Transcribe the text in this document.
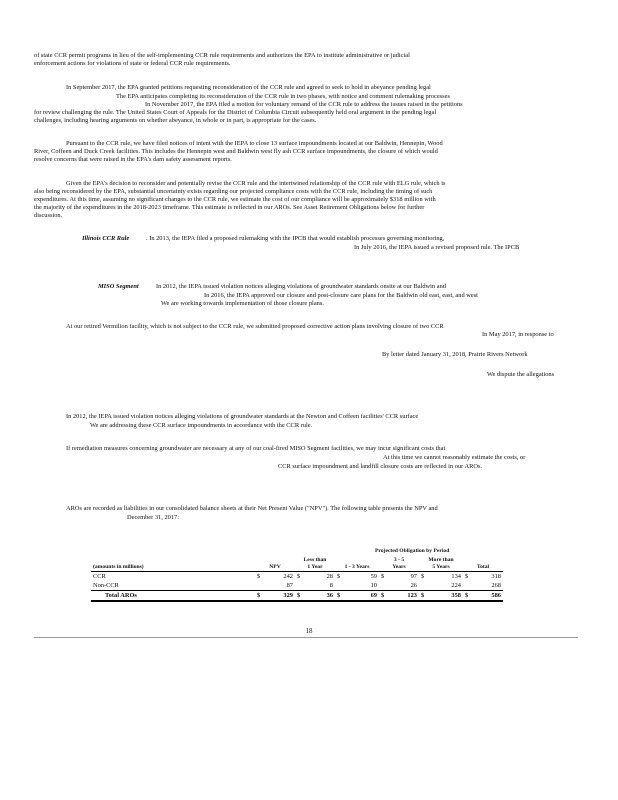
of state CCR permit programs in lieu of the self-implementing CCR rule requirements and authorizes the EPA to institute administrative or judicial
enforcement actions for violations of state or federal CCR rule requirements.
In September 2017, the EPA granted petitions requesting reconsideration of the CCR rule and agreed to seek to hold in abeyance pending legal
The EPA anticipates completing its reconsideration of the CCR rule in two phases, with notice and comment rulemaking processes
In November 2017, the EPA filed a motion for voluntary remand of the CCR rule to address the issues raised in the petitions
for review challenging the rule. The United States Court of Appeals for the District of Columbia Circuit subsequently held oral argument in the pending legal
challenges, including hearing arguments on whether abeyance, in whole or in part, is appropriate for the cases.
Pursuant to the CCR rule, we have filed notices of intent with the IEPA to close 13 surface impoundments located at our Baldwin, Hennepin, Wood
River, Coffeen and Duck Creek facilities. This includes the Hennepin west and Baldwin west fly ash CCR surface impoundments, the closure of which would
resolve concerns that were raised in the EPA's dam safety assessment reports.
Given the EPA's decision to reconsider and potentially revise the CCR rule and the intertwined relationship of the CCR rule with ELG rule, which is
also being reconsidered by the EPA, substantial uncertainty exists regarding our projected compliance costs with the CCR rule, including the timing of such
expenditures. At this time, assuming no significant changes to the CCR rule, we estimate the cost of our compliance will be approximately $318 million with
the majority of the expenditures in the 2018-2023 timeframe. This estimate is reflected in our AROs. See Asset Retirement Obligations below for further
discussion.
. In 2013, the IEPA filed a proposed rulemaking with the IPCB that would establish processes governing monitoring,
In July 2016, the IEPA issued a revised proposed rule. The IPCB
In 2012, the IEPA issued violation notices alleging violations of groundwater standards onsite at our Baldwin and
In 2016, the IEPA approved our closure and post-closure care plans for the Baldwin old east, east, and west
We are working towards implementation of those closure plans.
At our retired Vermilion facility, which is not subject to the CCR rule, we submitted proposed corrective action plans involving closure of two CCR
In May 2017, in response to
By letter dated January 31, 2018, Prairie Rivers Network
We dispute the allegations
In 2012, the IEPA issued violation notices alleging violations of groundwater standards at the Newton and Coffeen facilities' CCR surface
We are addressing these CCR surface impoundments in accordance with the CCR rule.
If remediation measures concerning groundwater are necessary at any of our coal-fired MISO Segment facilities, we may incur significant costs that
At this time we cannot reasonably estimate the costs, or
CCR surface impoundment and landfill closure costs are reflected in our AROs.
AROs are recorded as liabilities in our consolidated balance sheets at their Net Present Value ("NPV"). The following table presents the NPV and
December 31, 2017:
Illinois CCR Rule
MISO Segment
Projected Obligation by Period
(amounts in millions)	NPV		Less than
1 Year		1 - 3 Years		3 - 5
Years		More than
5 Years		Total	
CCR	$	242	$	28	$	59	$	97	$	134	$	318
Non-CCR		87		8		10		26		224		268
Total AROs	$	329	$	36	$	69	$	123	$	358	$	586
18
